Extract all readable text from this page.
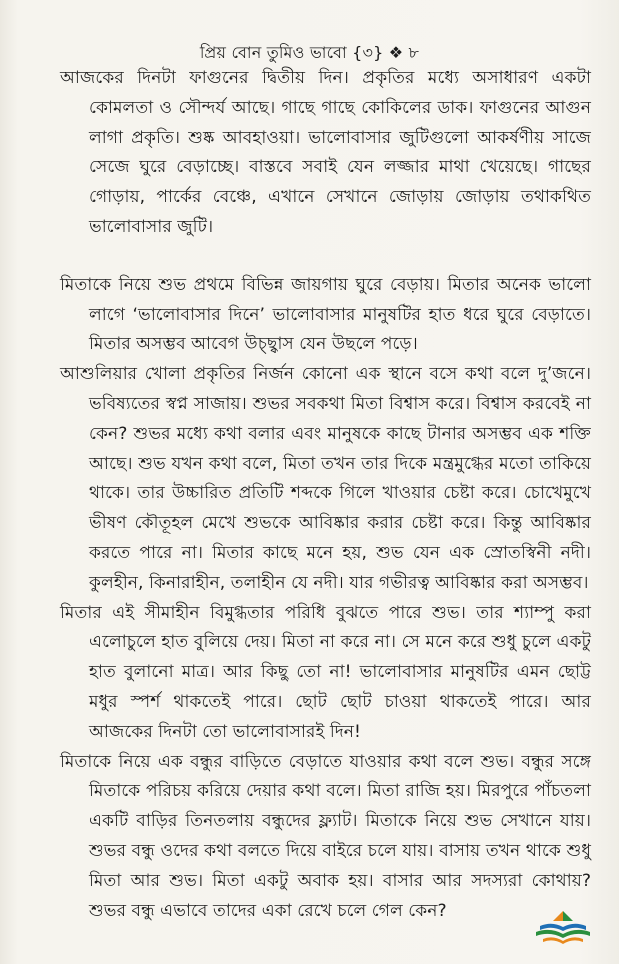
প্রিয় বোন তুমিও ভাবো {৩} ❖ ৮

আজকের দিনটা ফাগুনের দ্বিতীয় দিন। প্রকৃতির মধ্যে অসাধারণ একটা কোমলতা ও সৌন্দর্য আছে। গাছে গাছে কোকিলের ডাক। ফাগুনের আগুন লাগা প্রকৃতি। শুষ্ক আবহাওয়া। ভালোবাসার জুটিগুলো আকর্ষণীয় সাজে সেজে ঘুরে বেড়াচ্ছে। বাস্তবে সবাই যেন লজ্জার মাথা খেয়েছে। গাছের গোড়ায়, পার্কের বেঞ্চে, এখানে সেখানে জোড়ায় জোড়ায় তথাকথিত ভালোবাসার জুটি।

মিতাকে নিয়ে শুভ প্রথমে বিভিন্ন জায়গায় ঘুরে বেড়ায়। মিতার অনেক ভালো লাগে ‘ভালোবাসার দিনে’ ভালোবাসার মানুষটির হাত ধরে ঘুরে বেড়াতে। মিতার অসম্ভব আবেগ উচ্ছ্বাস যেন উছলে পড়ে।

আশুলিয়ার খোলা প্রকৃতির নির্জন কোনো এক স্থানে বসে কথা বলে দু’জনে। ভবিষ্যতের স্বপ্ন সাজায়। শুভর সবকথা মিতা বিশ্বাস করে। বিশ্বাস করবেই না কেন? শুভর মধ্যে কথা বলার এবং মানুষকে কাছে টানার অসম্ভব এক শক্তি আছে। শুভ যখন কথা বলে, মিতা তখন তার দিকে মন্ত্রমুগ্ধের মতো তাকিয়ে থাকে। তার উচ্চারিত প্রতিটি শব্দকে গিলে খাওয়ার চেষ্টা করে। চোখেমুখে ভীষণ কৌতূহল মেখে শুভকে আবিষ্কার করার চেষ্টা করে। কিন্তু আবিষ্কার করতে পারে না। মিতার কাছে মনে হয়, শুভ যেন এক স্রোতস্বিনী নদী। কুলহীন, কিনারাহীন, তলাহীন যে নদী। যার গভীরত্ব আবিষ্কার করা অসম্ভব।

মিতার এই সীমাহীন বিমুগ্ধতার পরিধি বুঝতে পারে শুভ। তার শ্যাম্পু করা এলোচুলে হাত বুলিয়ে দেয়। মিতা না করে না। সে মনে করে শুধু চুলে একটু হাত বুলানো মাত্র। আর কিছু তো না! ভালোবাসার মানুষটির এমন ছোট্ট মধুর স্পর্শ থাকতেই পারে। ছোট ছোট চাওয়া থাকতেই পারে। আর আজকের দিনটা তো ভালোবাসারই দিন!

মিতাকে নিয়ে এক বন্ধুর বাড়িতে বেড়াতে যাওয়ার কথা বলে শুভ। বন্ধুর সঙ্গে মিতাকে পরিচয় করিয়ে দেয়ার কথা বলে। মিতা রাজি হয়। মিরপুরে পাঁচতলা একটি বাড়ির তিনতলায় বন্ধুদের ফ্ল্যাট। মিতাকে নিয়ে শুভ সেখানে যায়। শুভর বন্ধু ওদের কথা বলতে দিয়ে বাইরে চলে যায়। বাসায় তখন থাকে শুধু মিতা আর শুভ। মিতা একটু অবাক হয়। বাসার আর সদস্যরা কোথায়? শুভর বন্ধু এভাবে তাদের একা রেখে চলে গেল কেন?
